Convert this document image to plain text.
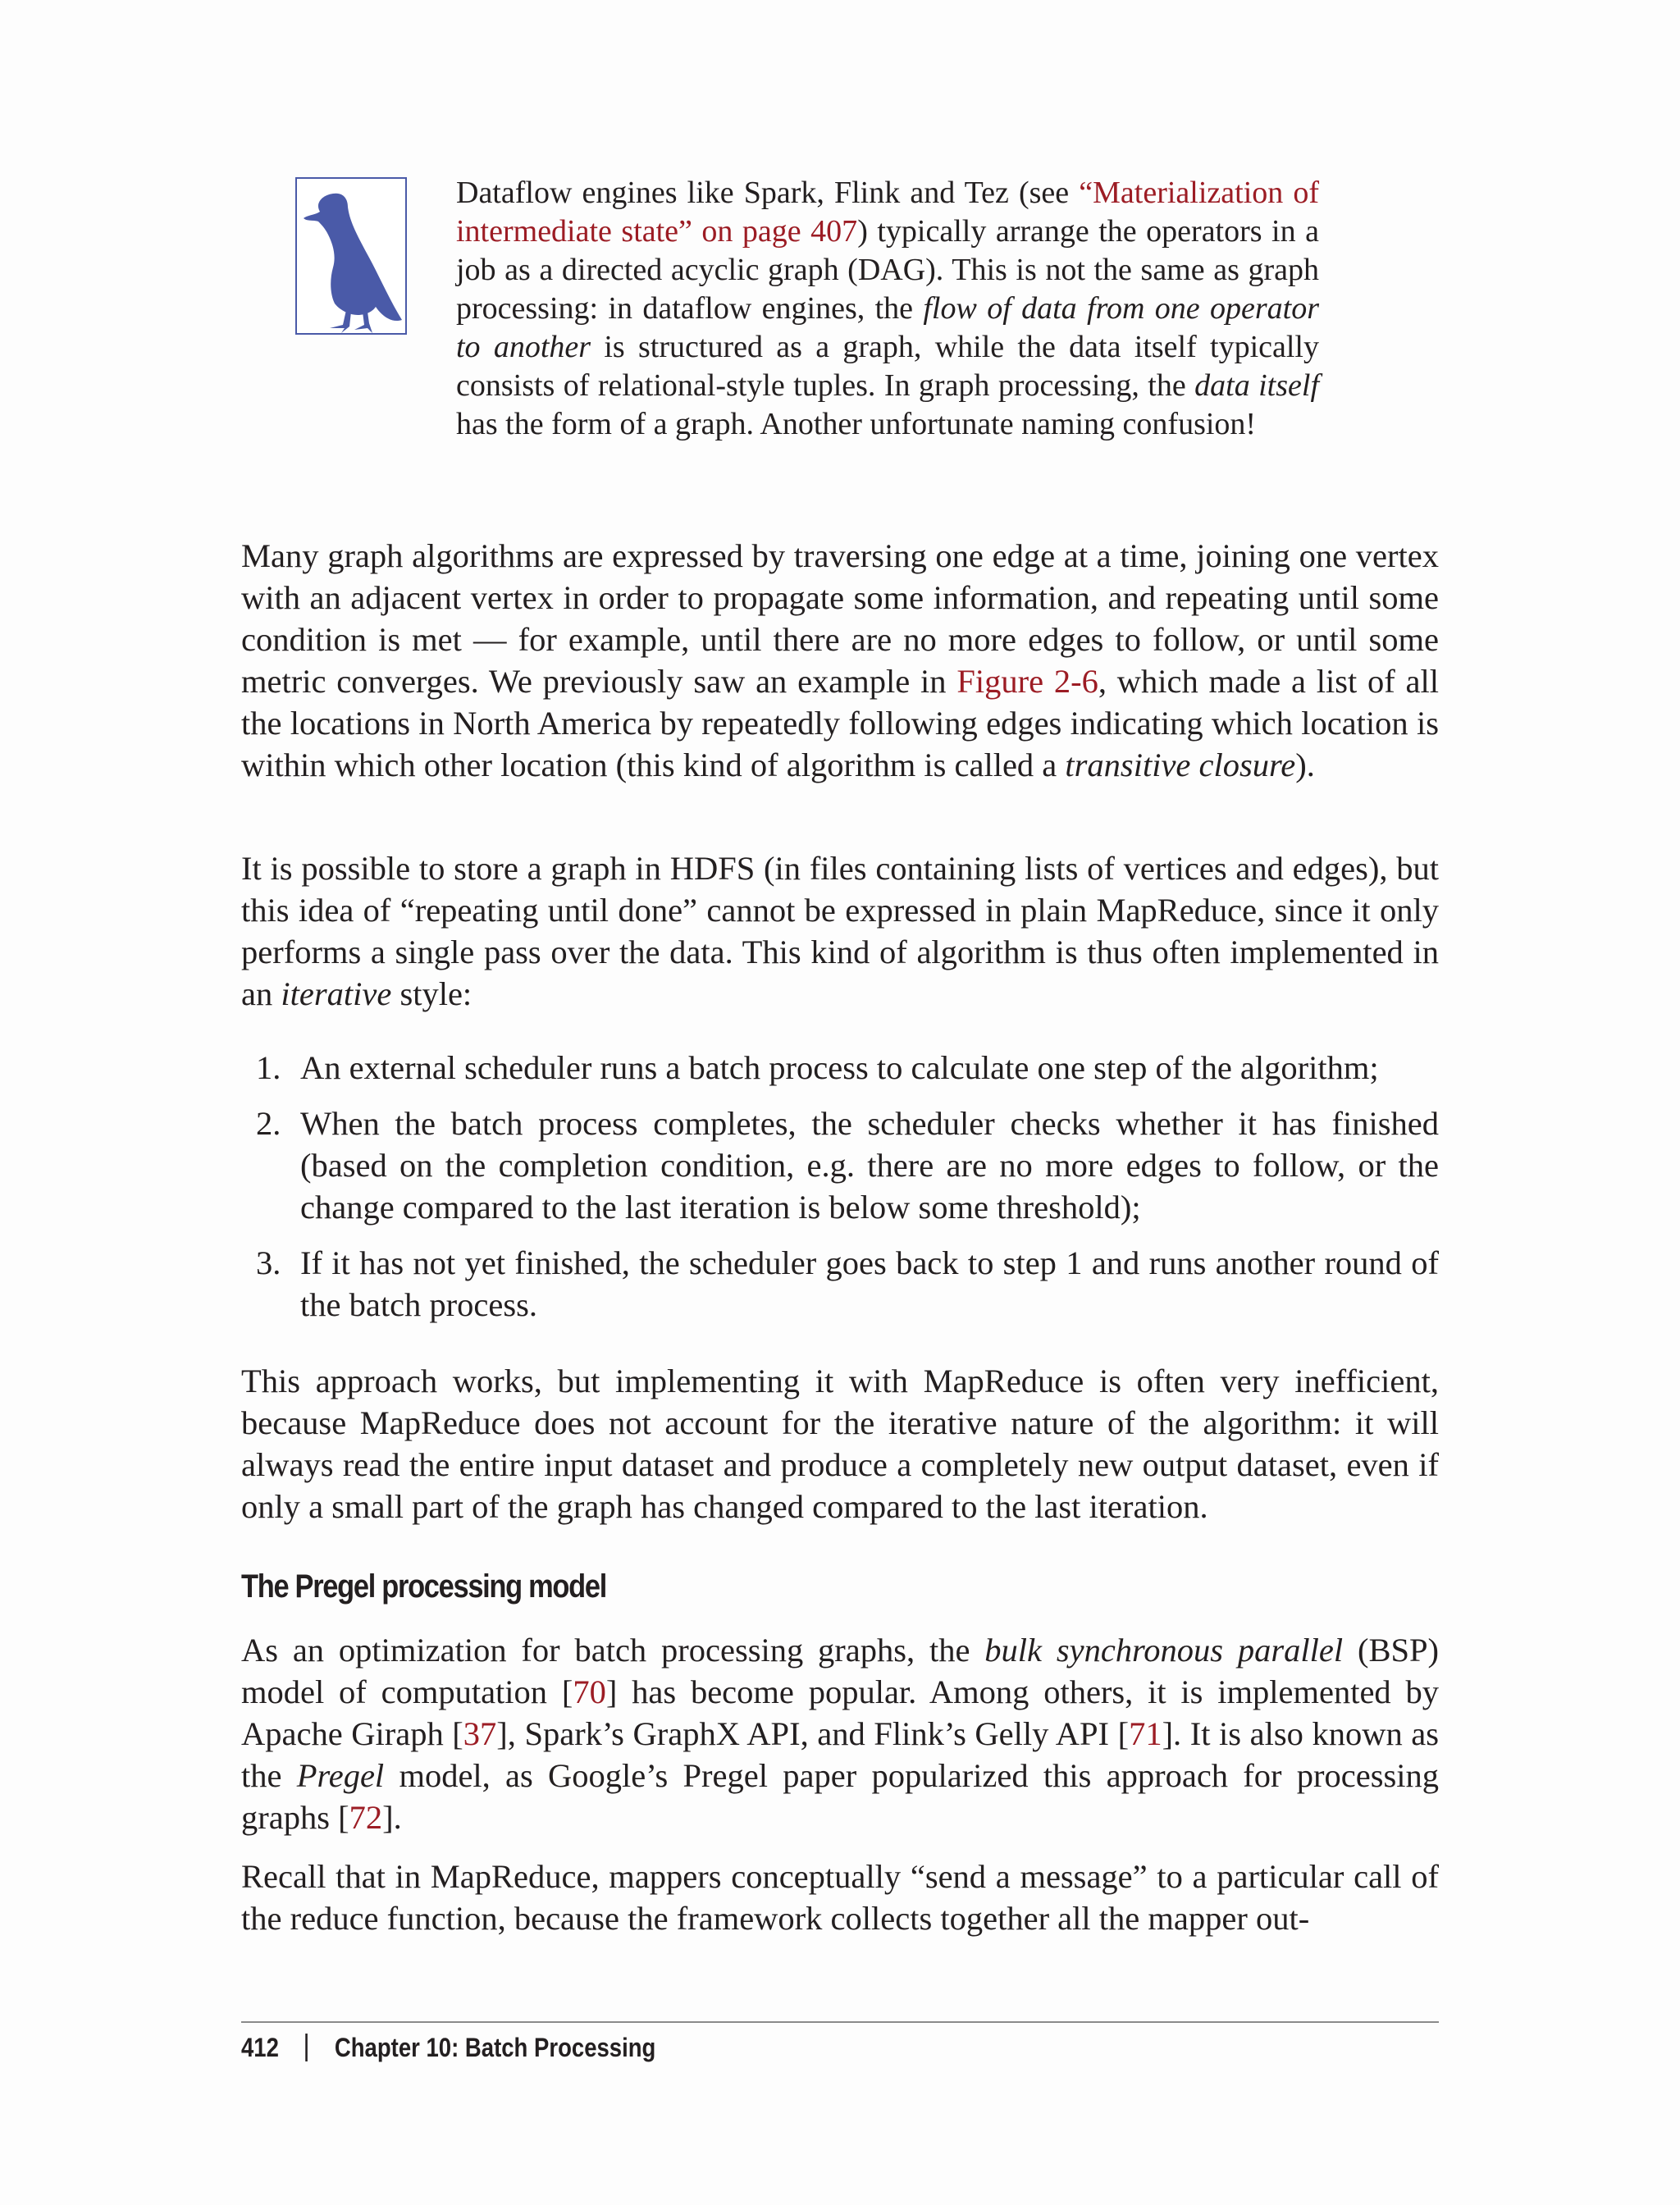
Dataflow engines like Spark, Flink and Tez (see “Materialization of intermediate state” on page 407) typically arrange the operators in a job as a directed acyclic graph (DAG). This is not the same as graph processing: in dataflow engines, the flow of data from one operator to another is structured as a graph, while the data itself typically consists of relational-style tuples. In graph processing, the data itself has the form of a graph. Another unfortunate naming confusion!

Many graph algorithms are expressed by traversing one edge at a time, joining one vertex with an adjacent vertex in order to propagate some information, and repeating until some condition is met — for example, until there are no more edges to follow, or until some metric converges. We previously saw an example in Figure 2-6, which made a list of all the locations in North America by repeatedly following edges indicating which location is within which other location (this kind of algorithm is called a transitive closure).

It is possible to store a graph in HDFS (in files containing lists of vertices and edges), but this idea of “repeating until done” cannot be expressed in plain MapReduce, since it only performs a single pass over the data. This kind of algorithm is thus often implemented in an iterative style:

1. An external scheduler runs a batch process to calculate one step of the algorithm;
2. When the batch process completes, the scheduler checks whether it has finished (based on the completion condition, e.g. there are no more edges to follow, or the change compared to the last iteration is below some threshold);
3. If it has not yet finished, the scheduler goes back to step 1 and runs another round of the batch process.

This approach works, but implementing it with MapReduce is often very inefficient, because MapReduce does not account for the iterative nature of the algorithm: it will always read the entire input dataset and produce a completely new output dataset, even if only a small part of the graph has changed compared to the last iteration.

The Pregel processing model

As an optimization for batch processing graphs, the bulk synchronous parallel (BSP) model of computation [70] has become popular. Among others, it is implemented by Apache Giraph [37], Spark’s GraphX API, and Flink’s Gelly API [71]. It is also known as the Pregel model, as Google’s Pregel paper popularized this approach for processing graphs [72].

Recall that in MapReduce, mappers conceptually “send a message” to a particular call of the reduce function, because the framework collects together all the mapper out-

412 Chapter 10: Batch Processing
